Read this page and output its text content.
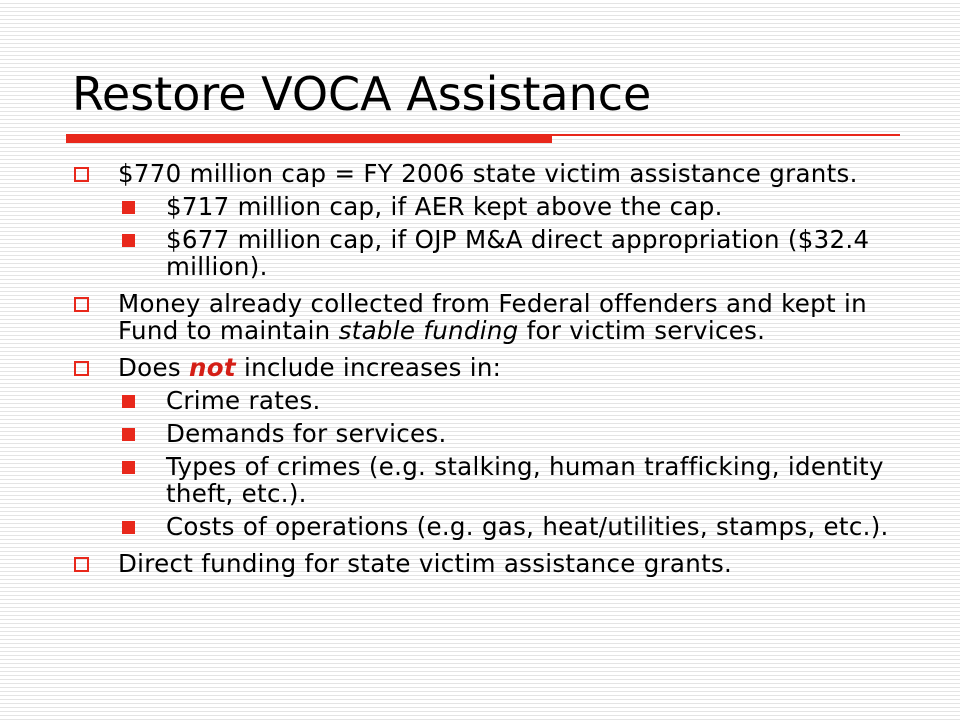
Restore VOCA Assistance
$770 million cap = FY 2006 state victim assistance grants.
$717 million cap, if AER kept above the cap.
$677 million cap, if OJP M&A direct appropriation ($32.4 million).
Money already collected from Federal offenders and kept in Fund to maintain stable funding for victim services.
Does not include increases in:
Crime rates.
Demands for services.
Types of crimes (e.g. stalking, human trafficking, identity theft, etc.).
Costs of operations (e.g. gas, heat/utilities, stamps, etc.).
Direct funding for state victim assistance grants.
